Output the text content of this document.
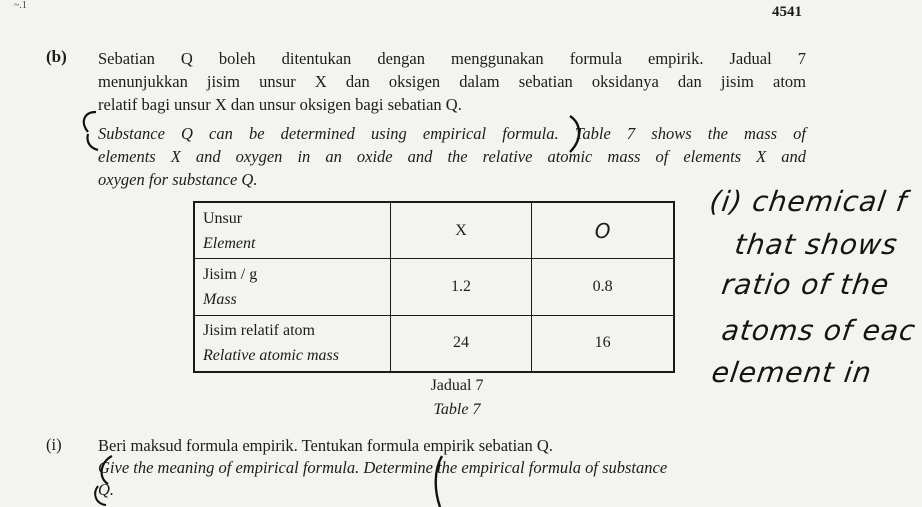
~.1	4541
(b) Sebatian Q boleh ditentukan dengan menggunakan formula empirik. Jadual 7
menunjukkan jisim unsur X dan oksigen dalam sebatian oksidanya dan jisim atom
relatif bagi unsur X dan unsur oksigen bagi sebatian Q.
Substance Q can be determined using empirical formula. Table 7 shows the mass of
elements X and oxygen in an oxide and the relative atomic mass of elements X and
oxygen for substance Q.
Unsur
Element	X	O

Jisim / g
Mass	1.2	0.8

Jisim relatif atom
Relative atomic mass	24	16
Jadual 7
Table 7
(i) Beri maksud formula empirik. Tentukan formula empirik sebatian Q.
Give the meaning of empirical formula. Determine the empirical formula of substance
Q.
(i) chemical f
that shows
ratio of the
atoms of eac
element in
